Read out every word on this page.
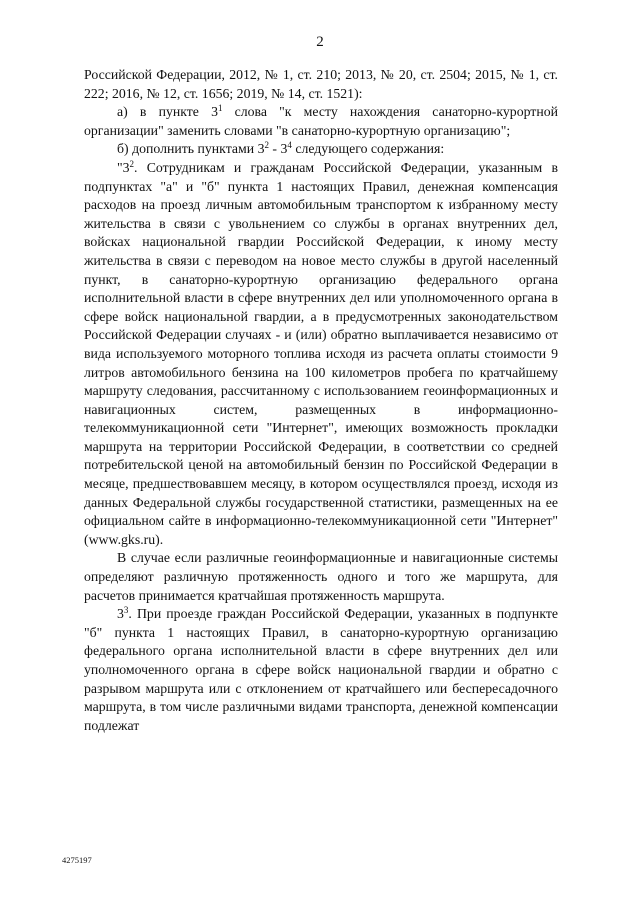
2

Российской Федерации, 2012, № 1, ст. 210; 2013, № 20, ст. 2504; 2015, № 1, ст. 222; 2016, № 12, ст. 1656; 2019, № 14, ст. 1521):

а) в пункте $3^1$ слова "к месту нахождения санаторно-курортной организации" заменить словами "в санаторно-курортную организацию";

б) дополнить пунктами $3^2 - 3^4$ следующего содержания:

"$3^2$. Сотрудникам и гражданам Российской Федерации, указанным в подпунктах "а" и "б" пункта 1 настоящих Правил, денежная компенсация расходов на проезд личным автомобильным транспортом к избранному месту жительства в связи с увольнением со службы в органах внутренних дел, войсках национальной гвардии Российской Федерации, к иному месту жительства в связи с переводом на новое место службы в другой населенный пункт, в санаторно-курортную организацию федерального органа исполнительной власти в сфере внутренних дел или уполномоченного органа в сфере войск национальной гвардии, а в предусмотренных законодательством Российской Федерации случаях - и (или) обратно выплачивается независимо от вида используемого моторного топлива исходя из расчета оплаты стоимости 9 литров автомобильного бензина на 100 километров пробега по кратчайшему маршруту следования, рассчитанному с использованием геоинформационных и навигационных систем, размещенных в информационно-телекоммуникационной сети "Интернет", имеющих возможность прокладки маршрута на территории Российской Федерации, в соответствии со средней потребительской ценой на автомобильный бензин по Российской Федерации в месяце, предшествовавшем месяцу, в котором осуществлялся проезд, исходя из данных Федеральной службы государственной статистики, размещенных на ее официальном сайте в информационно-телекоммуникационной сети "Интернет" (www.gks.ru).

В случае если различные геоинформационные и навигационные системы определяют различную протяженность одного и того же маршрута, для расчетов принимается кратчайшая протяженность маршрута.

$3^3$. При проезде граждан Российской Федерации, указанных в подпункте "б" пункта 1 настоящих Правил, в санаторно-курортную организацию федерального органа исполнительной власти в сфере внутренних дел или уполномоченного органа в сфере войск национальной гвардии и обратно с разрывом маршрута или с отклонением от кратчайшего или беспересадочного маршрута, в том числе различными видами транспорта, денежной компенсации подлежат

4275197
